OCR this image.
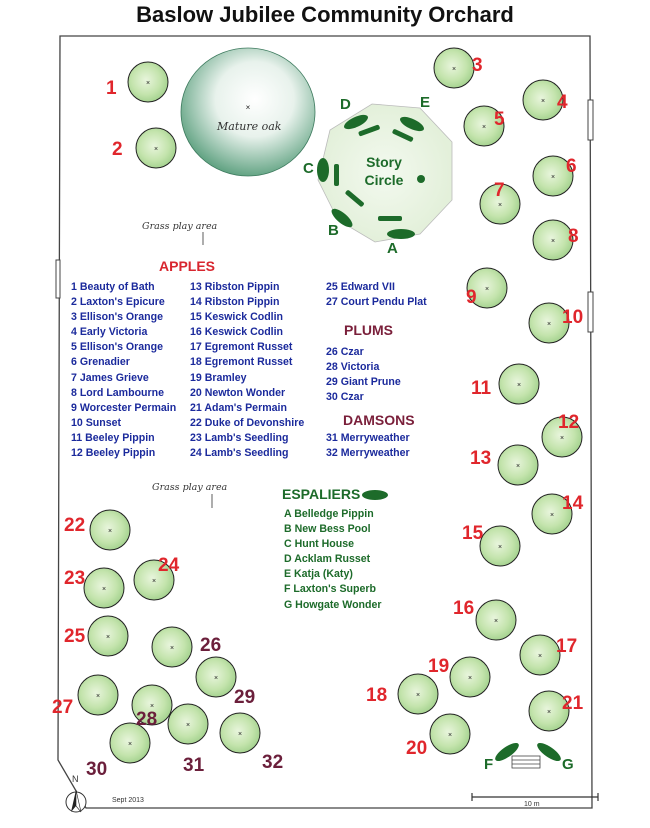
Baslow Jubilee Community Orchard
×
×
×
×
×
×
×
×
×
×
×
×
×
×
×
×
×
×
×
×
×
×
×
×
×
×
×
×
×
×
×
×
×
Mature oak
Grass play area
Grass play area
Story
Circle
APPLES
1 Beauty of Bath
2 Laxton's Epicure
3 Ellison's Orange
4 Early Victoria
5 Ellison's Orange
6 Grenadier
7 James Grieve
8 Lord Lambourne
9 Worcester Permain
10 Sunset
11 Beeley Pippin
12 Beeley Pippin
13 Ribston Pippin
14 Ribston Pippin
15 Keswick Codlin
16 Keswick Codlin
17 Egremont Russet
18 Egremont Russet
19 Bramley
20 Newton Wonder
21 Adam's Permain
22 Duke of Devonshire
23 Lamb's Seedling
24 Lamb's Seedling
25 Edward VII
27 Court Pendu Plat
PLUMS
26 Czar
28 Victoria
29 Giant Prune
30 Czar
DAMSONS
31 Merryweather
32 Merryweather
ESPALIERS
A Belledge Pippin
B New Bess Pool
C Hunt House
D Acklam Russet
E Katja (Katy)
F Laxton's Superb
G Howgate Wonder
N
Sept 2013
10 m
1
2
3
4
5
6
7
8
9
10
11
12
13
14
15
16
17
18
19
20
21
22
23
24
25	26
27
28
29
30	31	32
A
B
C
D	E
F	G
